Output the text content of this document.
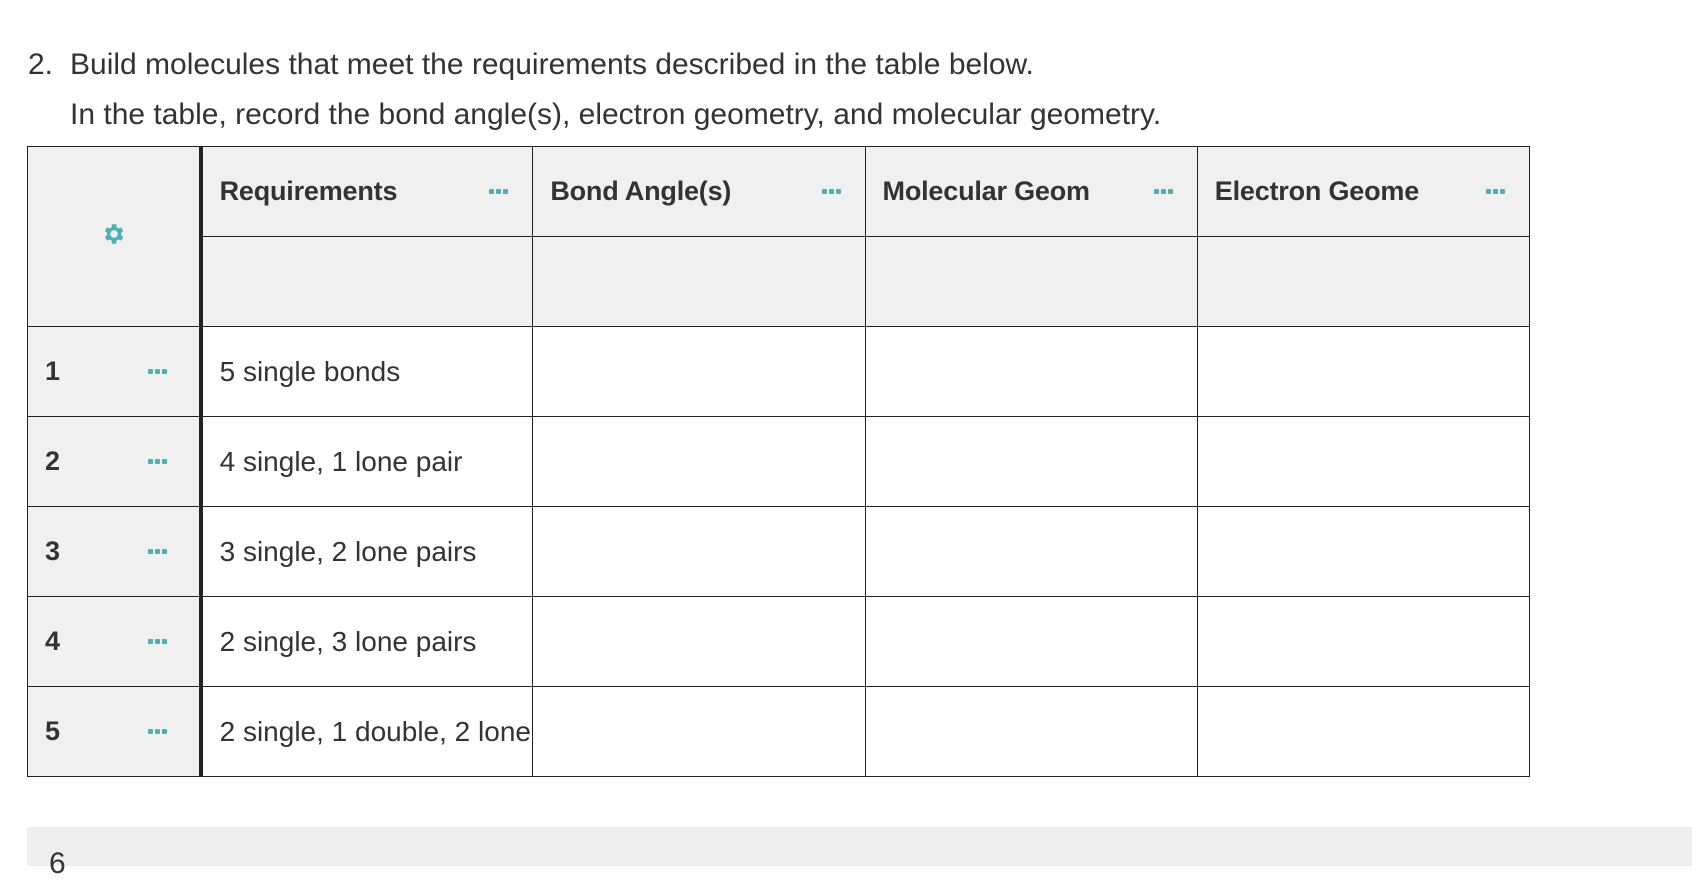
2. Build molecules that meet the requirements described in the table below.
In the table, record the bond angle(s), electron geometry, and molecular geometry.

Requirements	Bond Angle(s)	Molecular Geom	Electron Geome

1	5 single bonds			

2	4 single, 1 lone pair			

3	3 single, 2 lone pairs			

4	2 single, 3 lone pairs			

5	2 single, 1 double, 2 lone			

6
